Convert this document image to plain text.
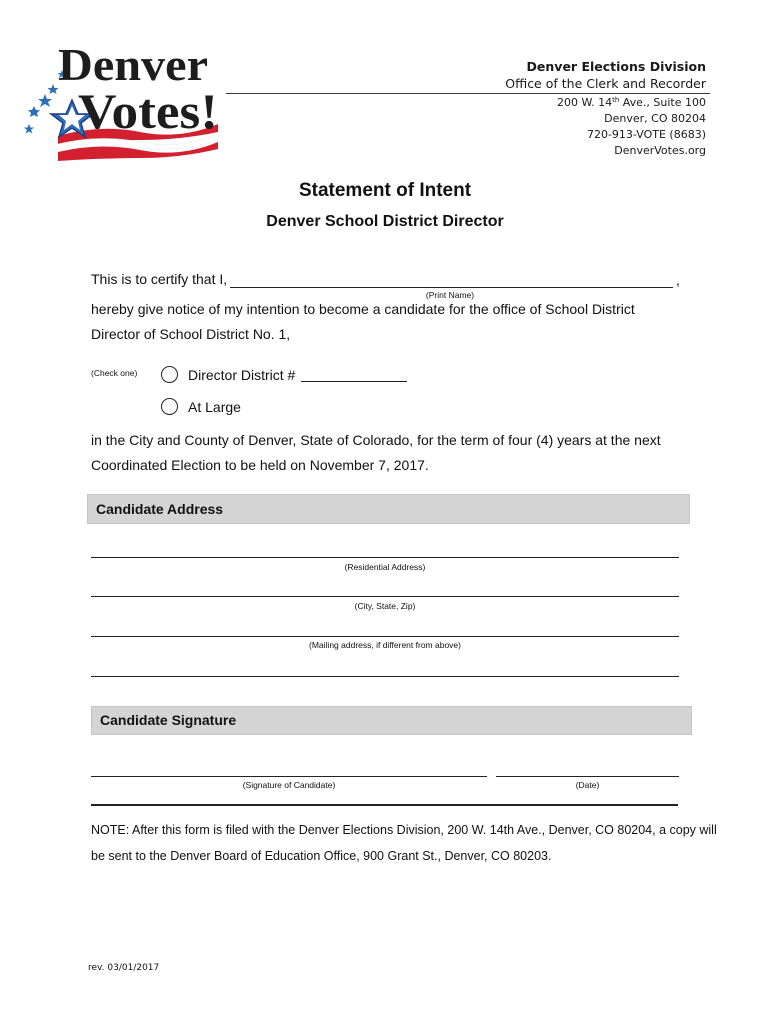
Denver
Votes!
Denver Elections Division
Office of the Clerk and Recorder
200 W. 14th Ave., Suite 100
Denver, CO 80204
720-913-VOTE (8683)
DenverVotes.org
Statement of Intent
Denver School District Director
This is to certify that I,	,
(Print Name)
hereby give notice of my intention to become a candidate for the office of School District
Director of School District No. 1,
(Check one)	Director District #
At Large
in the City and County of Denver, State of Colorado, for the term of four (4) years at the next
Coordinated Election to be held on November 7, 2017.
Candidate Address
(Residential Address)
(City, State, Zip)
(Mailing address, if different from above)
Candidate Signature
(Signature of Candidate)	(Date)
NOTE: After this form is filed with the Denver Elections Division, 200 W. 14th Ave., Denver, CO 80204, a copy will
be sent to the Denver Board of Education Office, 900 Grant St., Denver, CO 80203.
rev. 03/01/2017
